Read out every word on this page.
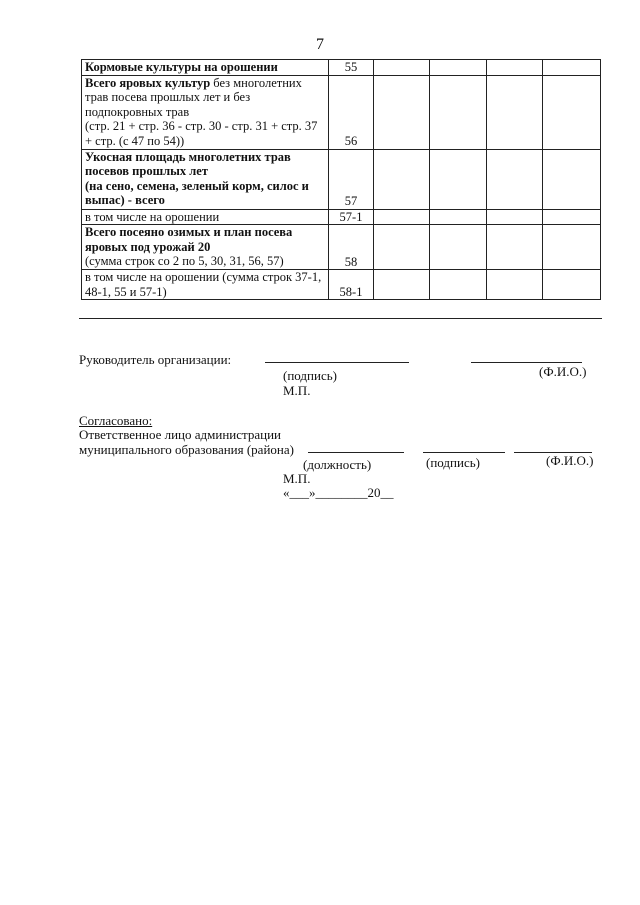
7
Кормовые культуры на орошении	55				
Всего яровых культур без многолетних трав посева прошлых лет и без подпокровных трав
(стр. 21 + стр. 36 - стр. 30 - стр. 31 + стр. 37 + стр. (с 47 по 54))	56				
Укосная площадь многолетних трав посевов прошлых лет
(на сено, семена, зеленый корм, силос и выпас) - всего	57				
в том числе на орошении	57-1				
Всего посеяно озимых и план посева яровых под урожай 20
(сумма строк со 2 по 5, 30, 31, 56, 57)	58				
в том числе на орошении (сумма строк 37-1, 48-1, 55 и 57-1)	58-1				
Руководитель организации:
(подпись)	(Ф.И.О.)
М.П.
Согласовано:
Ответственное лицо администрации
муниципального образования (района)
(должность)	(подпись)	(Ф.И.О.)
М.П.
«___»________20__
